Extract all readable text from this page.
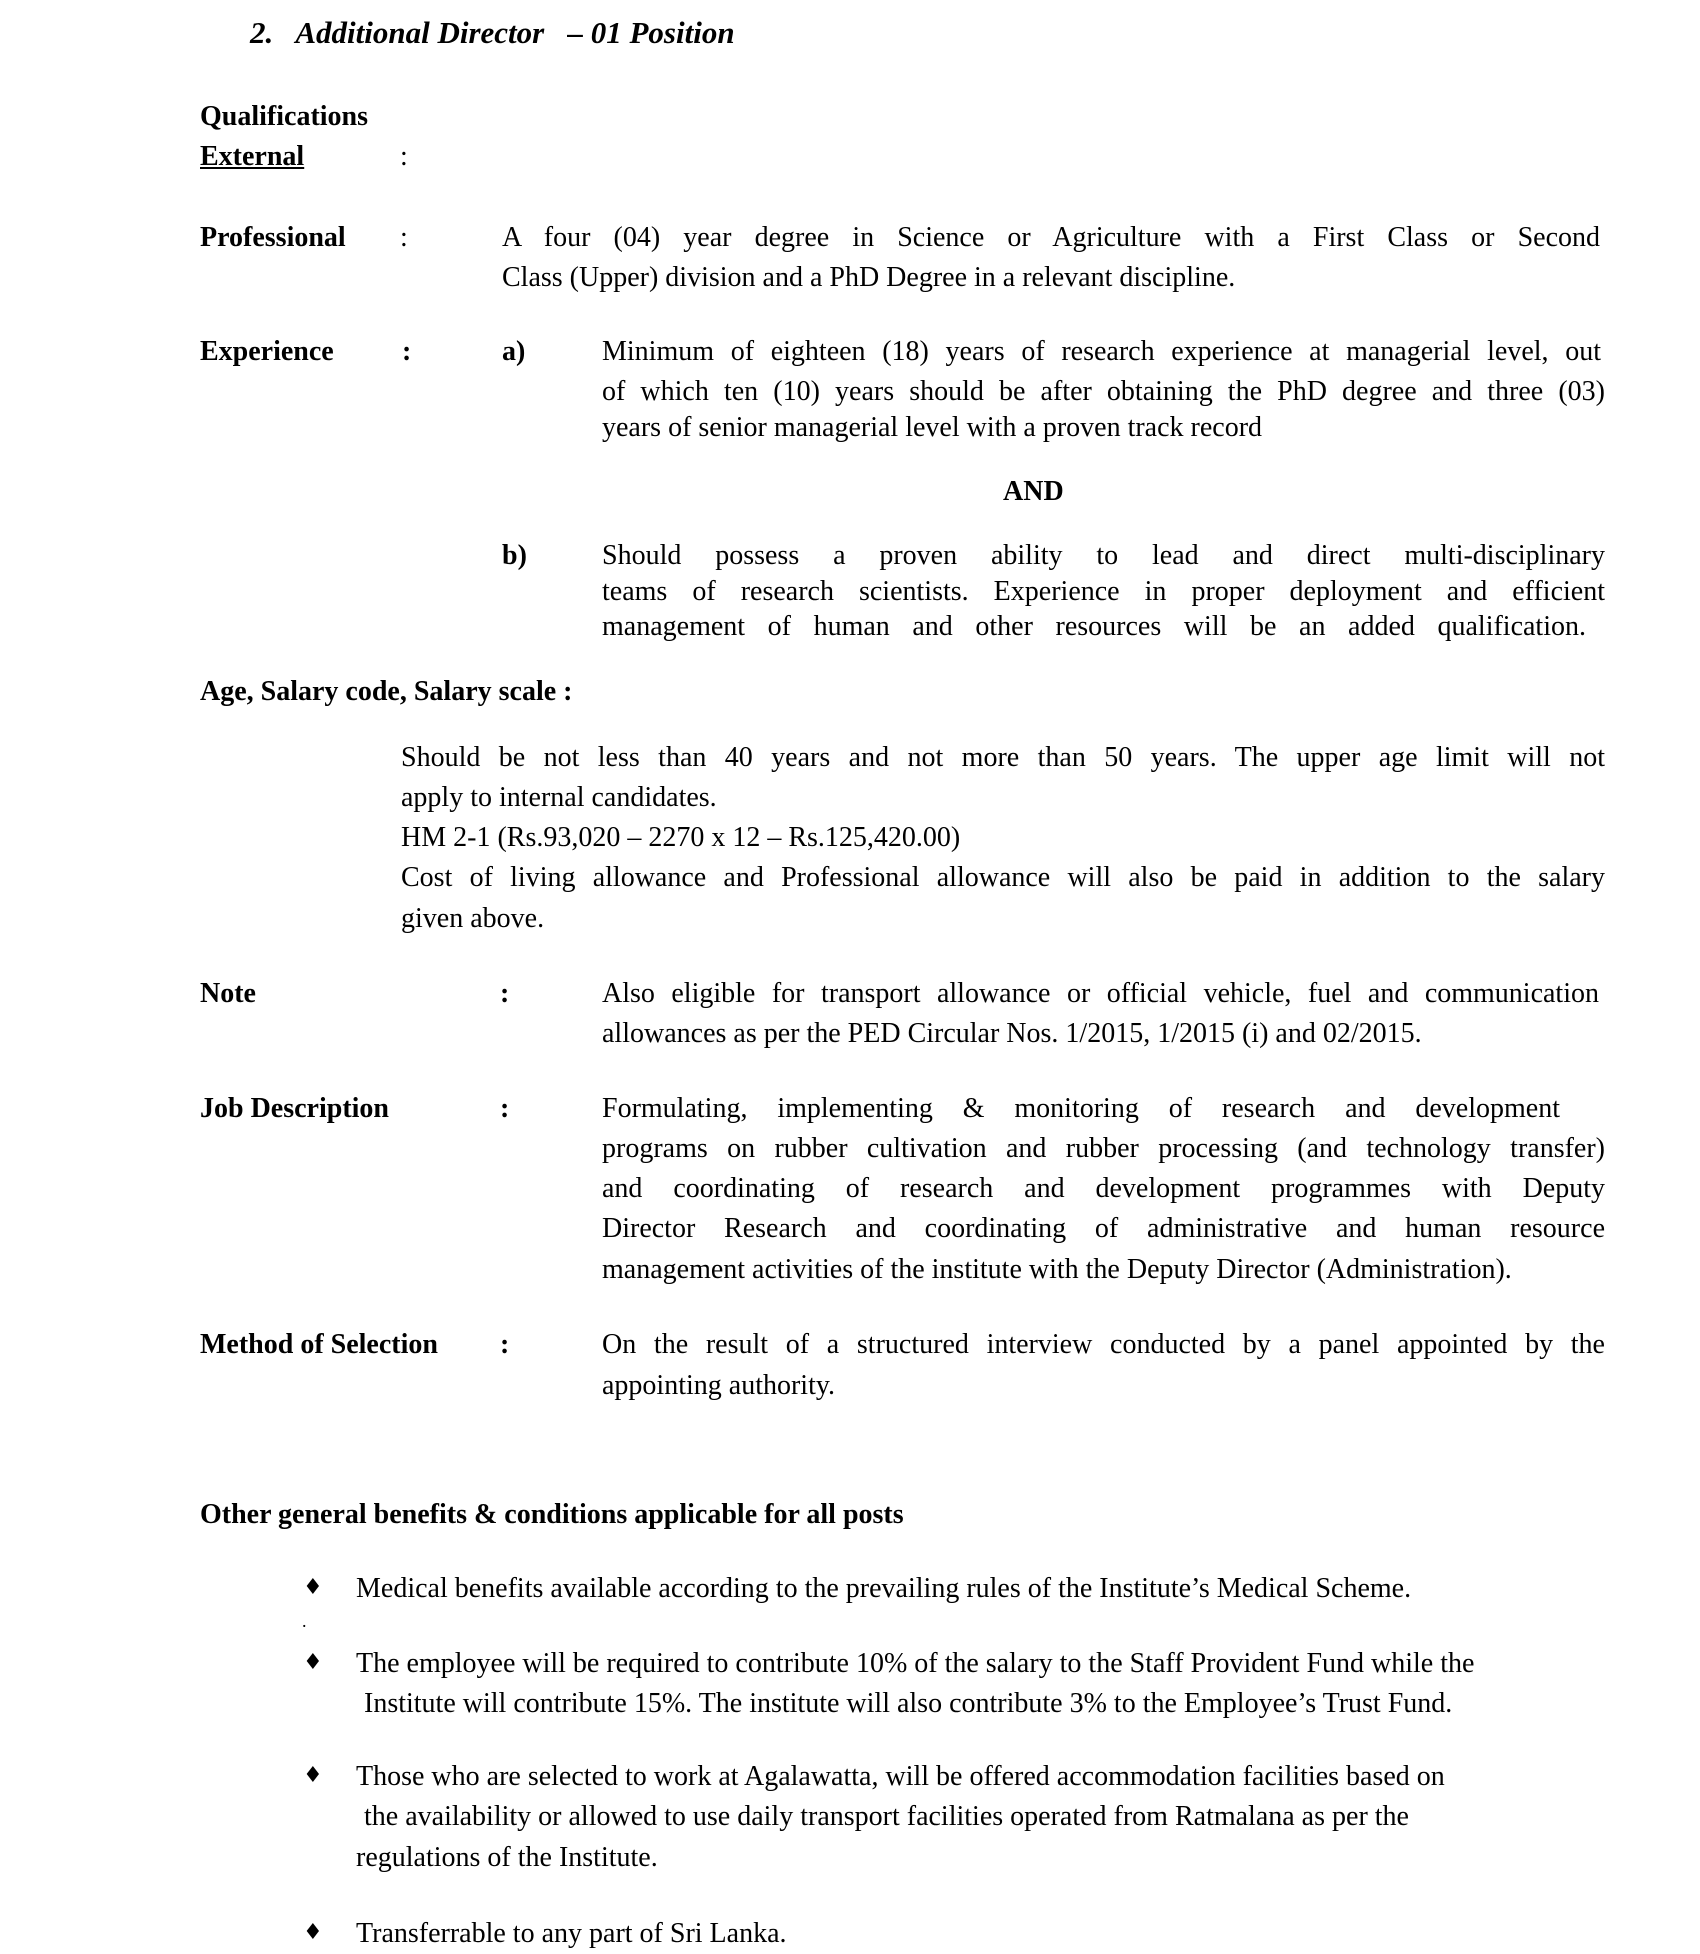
2. Additional Director – 01 Position
Qualifications
External	:
Professional :	A four (04) year degree in Science or Agriculture with a First Class or Second
Class (Upper) division and a PhD Degree in a relevant discipline.
Experience :	a)	Minimum of eighteen (18) years of research experience at managerial level, out
of which ten (10) years should be after obtaining the PhD degree and three (03)
years of senior managerial level with a proven track record
AND
b)	Should possess a proven ability to lead and direct multi-disciplinary
teams of research scientists. Experience in proper deployment and efficient
management of human and other resources will be an added qualification.
Age, Salary code, Salary scale :
Should be not less than 40 years and not more than 50 years. The upper age limit will not
apply to internal candidates.
HM 2-1 (Rs.93,020 – 2270 x 12 – Rs.125,420.00)
Cost of living allowance and Professional allowance will also be paid in addition to the salary
given above.
Note	:	Also eligible for transport allowance or official vehicle, fuel and communication
allowances as per the PED Circular Nos. 1/2015, 1/2015 (i) and 02/2015.
Job Description	:	Formulating, implementing & monitoring of research and development
programs on rubber cultivation and rubber processing (and technology transfer)
and coordinating of research and development programmes with Deputy
Director Research and coordinating of administrative and human resource
management activities of the institute with the Deputy Director (Administration).
Method of Selection :	On the result of a structured interview conducted by a panel appointed by the
appointing authority.
Other general benefits & conditions applicable for all posts
♦ Medical benefits available according to the prevailing rules of the Institute’s Medical Scheme.
.
♦ The employee will be required to contribute 10% of the salary to the Staff Provident Fund while the
Institute will contribute 15%. The institute will also contribute 3% to the Employee’s Trust Fund.
♦ Those who are selected to work at Agalawatta, will be offered accommodation facilities based on
the availability or allowed to use daily transport facilities operated from Ratmalana as per the
regulations of the Institute.
♦ Transferrable to any part of Sri Lanka.
